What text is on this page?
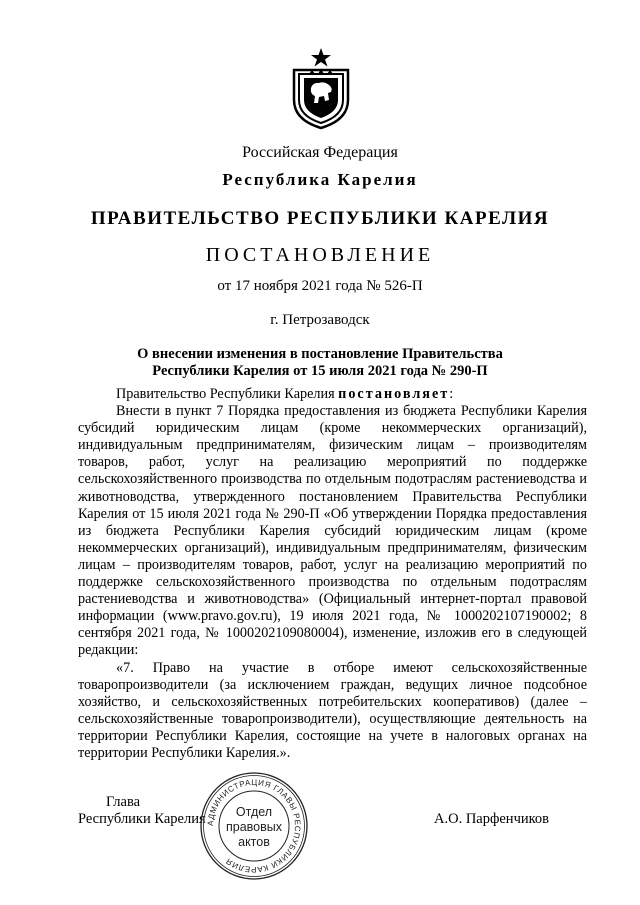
Российская Федерация
Республика Карелия
ПРАВИТЕЛЬСТВО РЕСПУБЛИКИ КАРЕЛИЯ
ПОСТАНОВЛЕНИЕ
от 17 ноября 2021 года № 526-П
г. Петрозаводск
О внесении изменения в постановление Правительства
Республики Карелия от 15 июля 2021 года № 290-П

Правительство Республики Карелия постановляет:

Внести в пункт 7 Порядка предоставления из бюджета Республики Карелия субсидий юридическим лицам (кроме некоммерческих организаций), индивидуальным предпринимателям, физическим лицам – производителям товаров, работ, услуг на реализацию мероприятий по поддержке сельскохозяйственного производства по отдельным подотраслям растениеводства и животноводства, утвержденного постановлением Правительства Республики Карелия от 15 июля 2021 года № 290-П «Об утверждении Порядка предоставления из бюджета Республики Карелия субсидий юридическим лицам (кроме некоммерческих организаций), индивидуальным предпринимателям, физическим лицам – производителям товаров, работ, услуг на реализацию мероприятий по поддержке сельскохозяйственного производства по отдельным подотраслям растениеводства и животноводства» (Официальный интернет-портал правовой информации (www.pravo.gov.ru), 19 июля 2021 года, № 1000202107190002; 8 сентября 2021 года, № 1000202109080004), изменение, изложив его в следующей редакции:

«7. Право на участие в отборе имеют сельскохозяйственные товаропроизводители (за исключением граждан, ведущих личное подсобное хозяйство, и сельскохозяйственных потребительских кооперативов) (далее – сельскохозяйственные товаропроизводители), осуществляющие деятельность на территории Республики Карелия, состоящие на учете в налоговых органах на территории Республики Карелия.».

Глава
Республики Карелия	А.О. Парфенчиков
АДМИНИСТРАЦИЯ ГЛАВЫ РЕСПУБЛИКИ КАРЕЛИЯ
Отдел
правовых
актов
